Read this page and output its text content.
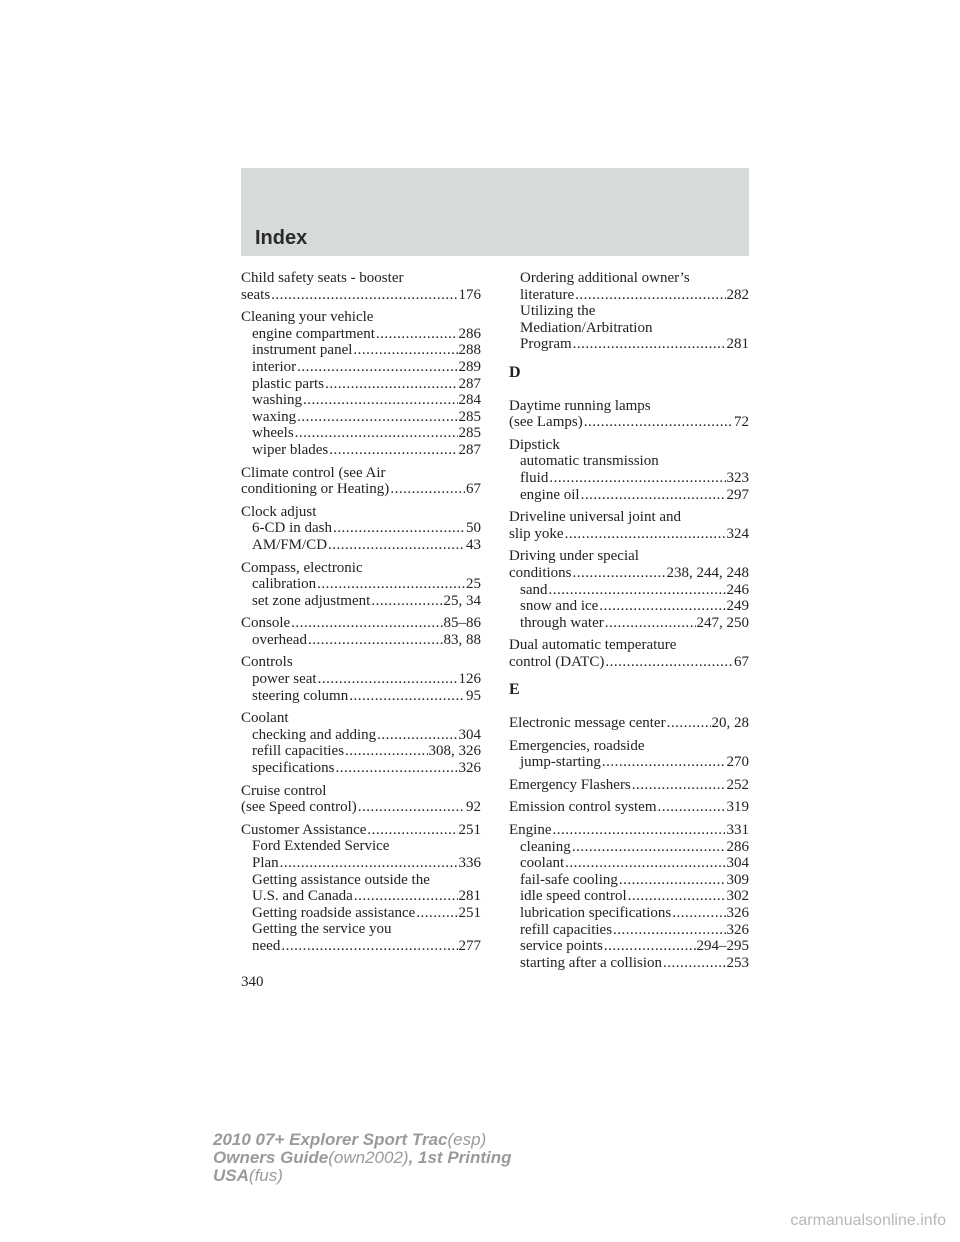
Index
Child safety seats - booster
seats .....	176
Cleaning your vehicle
engine compartment .....	286
instrument panel .....	288
interior .....	289
plastic parts .....	287
washing .....	284
waxing .....	285
wheels .....	285
wiper blades .....	287
Climate control (see Air
conditioning or Heating) .....	67
Clock adjust
6-CD in dash .....	50
AM/FM/CD .....	43
Compass, electronic
calibration .....	25
set zone adjustment .....	25, 34
Console .....	85–86
overhead .....	83, 88
Controls
power seat .....	126
steering column .....	95
Coolant
checking and adding .....	304
refill capacities .....	308, 326
specifications .....	326
Cruise control
(see Speed control) .....	92
Customer Assistance .....	251
Ford Extended Service
Plan .....	336
Getting assistance outside the
U.S. and Canada .....	281
Getting roadside assistance .....	251
Getting the service you
need .....	277
Ordering additional owner’s
literature .....	282
Utilizing the
Mediation/Arbitration
Program .....	281
D
Daytime running lamps
(see Lamps) .....	72
Dipstick
automatic transmission
fluid .....	323
engine oil .....	297
Driveline universal joint and
slip yoke .....	324
Driving under special
conditions .....	238, 244, 248
sand .....	246
snow and ice .....	249
through water .....	247, 250
Dual automatic temperature
control (DATC) .....	67
E
Electronic message center .....	20, 28
Emergencies, roadside
jump-starting .....	270
Emergency Flashers .....	252
Emission control system .....	319
Engine .....	331
cleaning .....	286
coolant .....	304
fail-safe cooling .....	309
idle speed control .....	302
lubrication specifications .....	326
refill capacities .....	326
service points .....	294–295
starting after a collision .....	253
340
2010 07+ Explorer Sport Trac(esp)
Owners Guide(own2002), 1st Printing
USA(fus)
carmanualsonline.info
